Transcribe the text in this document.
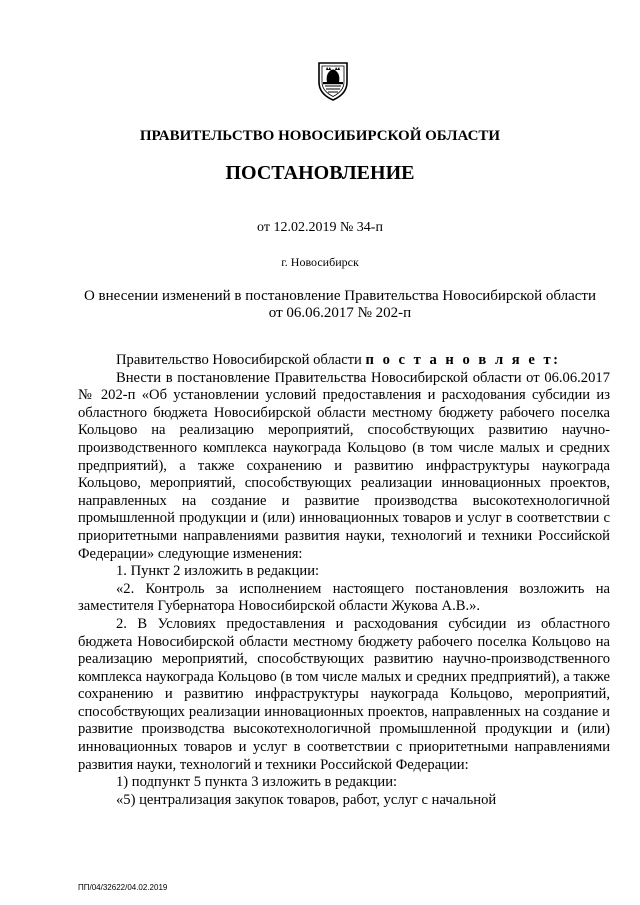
ПРАВИТЕЛЬСТВО НОВОСИБИРСКОЙ ОБЛАСТИ
ПОСТАНОВЛЕНИЕ
от 12.02.2019 № 34-п
г. Новосибирск
О внесении изменений в постановление Правительства Новосибирской области
от 06.06.2017 № 202-п

Правительство Новосибирской области п о с т а н о в л я е т:

Внести в постановление Правительства Новосибирской области от 06.06.2017 № 202-п «Об установлении условий предоставления и расходования субсидии из областного бюджета Новосибирской области местному бюджету рабочего поселка Кольцово на реализацию мероприятий, способствующих развитию научно-производственного комплекса наукограда Кольцово (в том числе малых и средних предприятий), а также сохранению и развитию инфраструктуры наукограда Кольцово, мероприятий, способствующих реализации инновационных проектов, направленных на создание и развитие производства высокотехнологичной промышленной продукции и (или) инновационных товаров и услуг в соответствии с приоритетными направлениями развития науки, технологий и техники Российской Федерации» следующие изменения:

1. Пункт 2 изложить в редакции:

«2. Контроль за исполнением настоящего постановления возложить на заместителя Губернатора Новосибирской области Жукова А.В.».

2. В Условиях предоставления и расходования субсидии из областного бюджета Новосибирской области местному бюджету рабочего поселка Кольцово на реализацию мероприятий, способствующих развитию научно-производственного комплекса наукограда Кольцово (в том числе малых и средних предприятий), а также сохранению и развитию инфраструктуры наукограда Кольцово, мероприятий, способствующих реализации инновационных проектов, направленных на создание и развитие производства высокотехнологичной промышленной продукции и (или) инновационных товаров и услуг в соответствии с приоритетными направлениями развития науки, технологий и техники Российской Федерации:

1) подпункт 5 пункта 3 изложить в редакции:

«5) централизация закупок товаров, работ, услуг с начальной

ПП/04/32622/04.02.2019
